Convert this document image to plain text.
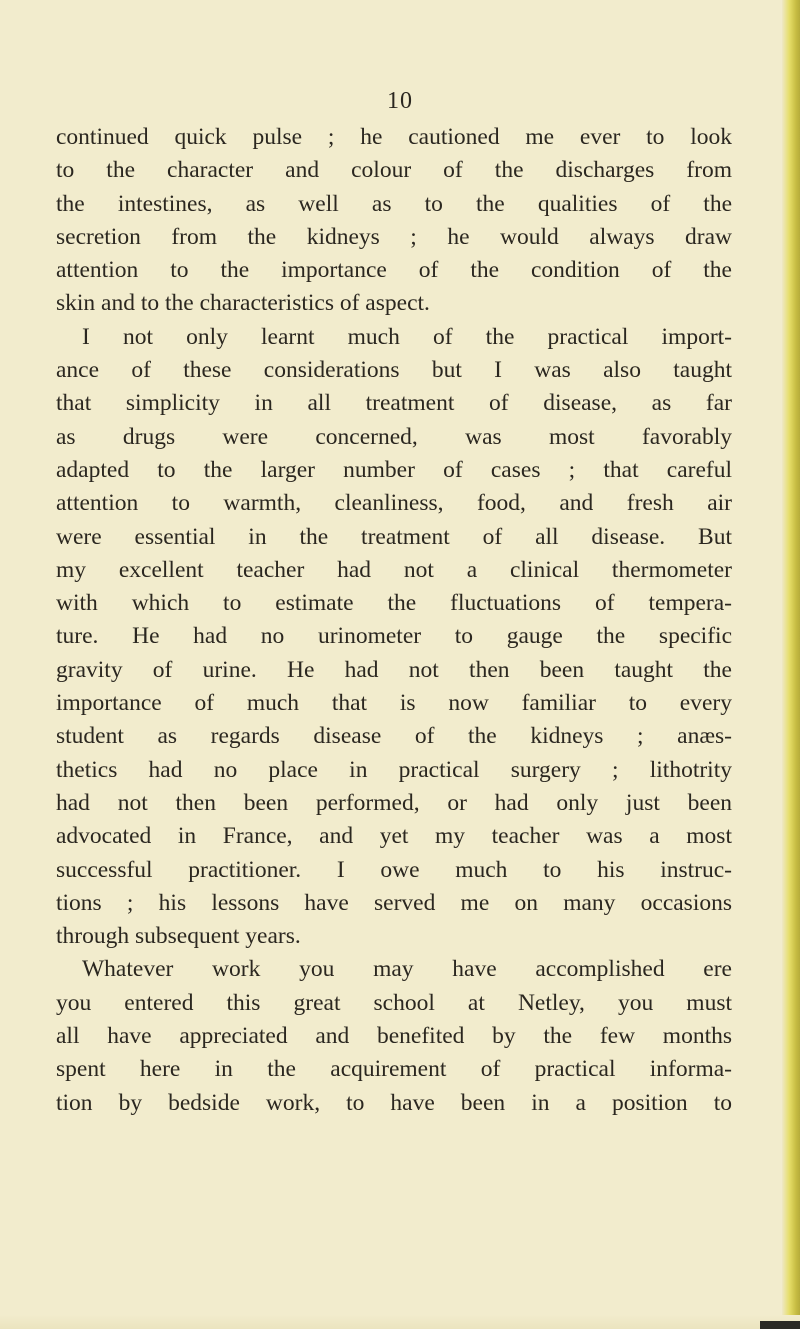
10
continued quick pulse ; he cautioned me ever to look
to the character and colour of the discharges from
the intestines, as well as to the qualities of the
secretion from the kidneys ; he would always draw
attention to the importance of the condition of the
skin and to the characteristics of aspect.
I not only learnt much of the practical import-
ance of these considerations but I was also taught
that simplicity in all treatment of disease, as far
as drugs were concerned, was most favorably
adapted to the larger number of cases ; that careful
attention to warmth, cleanliness, food, and fresh air
were essential in the treatment of all disease. But
my excellent teacher had not a clinical thermometer
with which to estimate the fluctuations of tempera-
ture. He had no urinometer to gauge the specific
gravity of urine. He had not then been taught the
importance of much that is now familiar to every
student as regards disease of the kidneys ; anæs-
thetics had no place in practical surgery ; lithotrity
had not then been performed, or had only just been
advocated in France, and yet my teacher was a most
successful practitioner. I owe much to his instruc-
tions ; his lessons have served me on many occasions
through subsequent years.
Whatever work you may have accomplished ere
you entered this great school at Netley, you must
all have appreciated and benefited by the few months
spent here in the acquirement of practical informa-
tion by bedside work, to have been in a position to
